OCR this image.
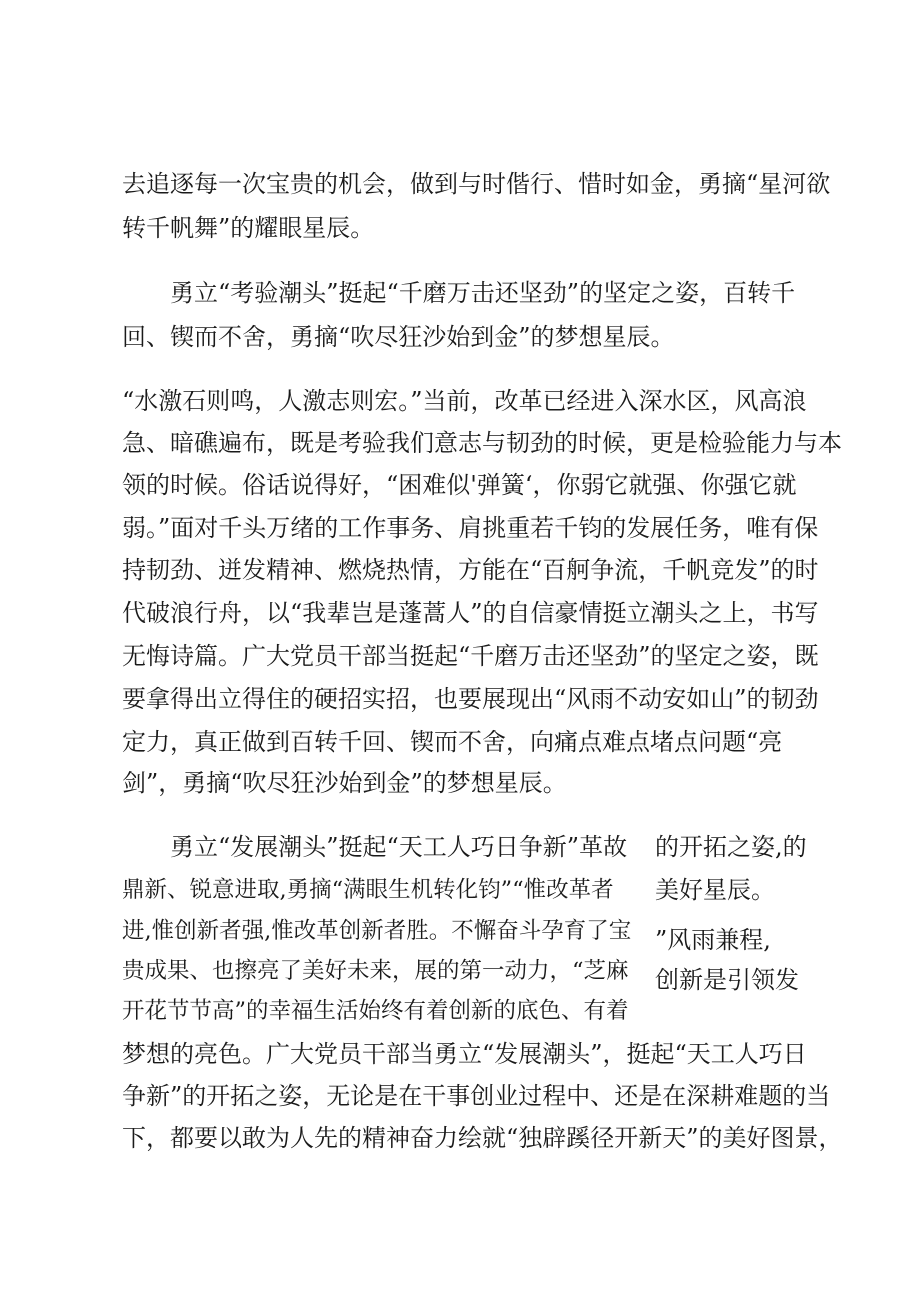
去追逐每一次宝贵的机会，做到与时偕行、惜时如金，勇摘“星河欲
转千帆舞”的耀眼星辰。
勇立“考验潮头”挺起“千磨万击还坚劲”的坚定之姿，百转千
回、锲而不舍，勇摘“吹尽狂沙始到金”的梦想星辰。
“水激石则鸣，人激志则宏。”当前，改革已经进入深水区，风高浪
急、暗礁遍布，既是考验我们意志与韧劲的时候，更是检验能力与本
领的时候。俗话说得好，“困难似'弹簧‘，你弱它就强、你强它就
弱。”面对千头万绪的工作事务、肩挑重若千钧的发展任务，唯有保
持韧劲、迸发精神、燃烧热情，方能在“百舸争流，千帆竞发”的时
代破浪行舟，以“我辈岂是蓬蒿人”的自信豪情挺立潮头之上，书写
无悔诗篇。广大党员干部当挺起“千磨万击还坚劲”的坚定之姿，既
要拿得出立得住的硬招实招，也要展现出“风雨不动安如山”的韧劲
定力，真正做到百转千回、锲而不舍，向痛点难点堵点问题“亮
剑”，勇摘“吹尽狂沙始到金”的梦想星辰。
勇立“发展潮头”挺起“天工人巧日争新”革故
鼎新、锐意进取,勇摘“满眼生机转化钧”“惟改革者
进,惟创新者强,惟改革创新者胜。不懈奋斗孕育了宝
贵成果、也擦亮了美好未来，展的第一动力，“芝麻
开花节节高”的幸福生活始终有着创新的底色、有着
的开拓之姿,的
美好星辰。
”风雨兼程,
创新是引领发
梦想的亮色。广大党员干部当勇立“发展潮头”，挺起“天工人巧日
争新”的开拓之姿，无论是在干事创业过程中、还是在深耕难题的当
下，都要以敢为人先的精神奋力绘就“独辟蹊径开新天”的美好图景，
